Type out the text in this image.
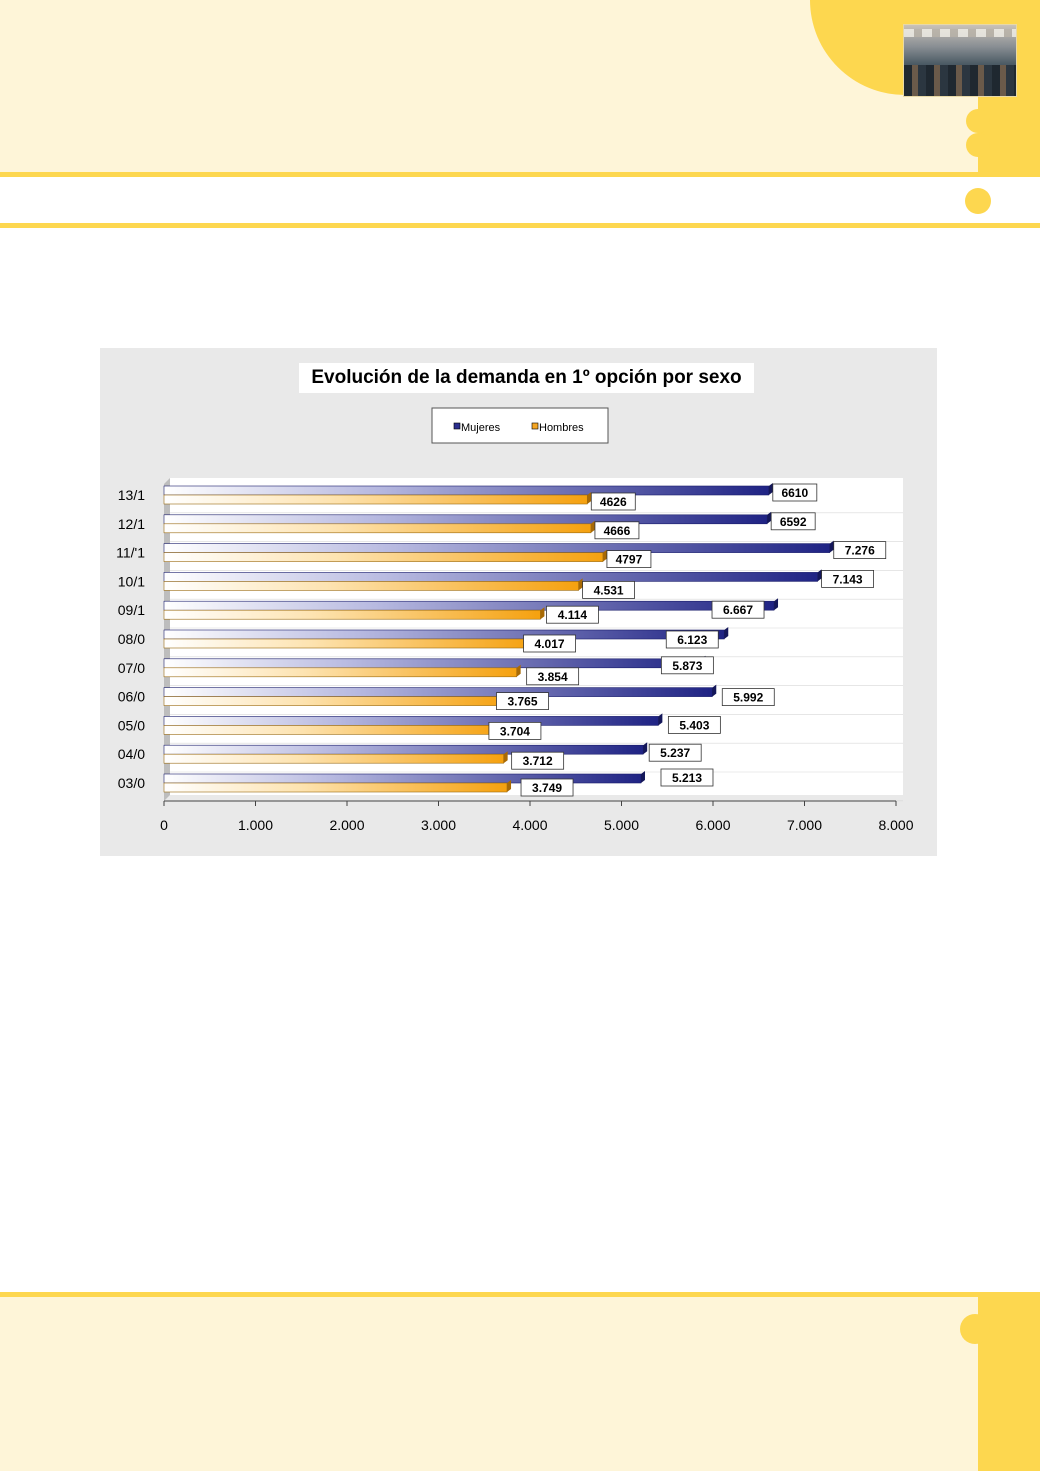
6610
4626
6592
4666
7.276
4797
7.143
4.531
6.667
4.114
6.123
4.017
5.873
3.854
5.992
3.765
5.403
3.704
5.237
3.712
5.213
3.749
0	1.000	2.000	3.000	4.000	5.000	6.000	7.000	8.000
13/1
12/1
11/'1
10/1
09/1
08/0
07/0
06/0
05/0
04/0
03/0
Mujeres	Hombres
Evolución de la demanda en 1º opción por sexo
